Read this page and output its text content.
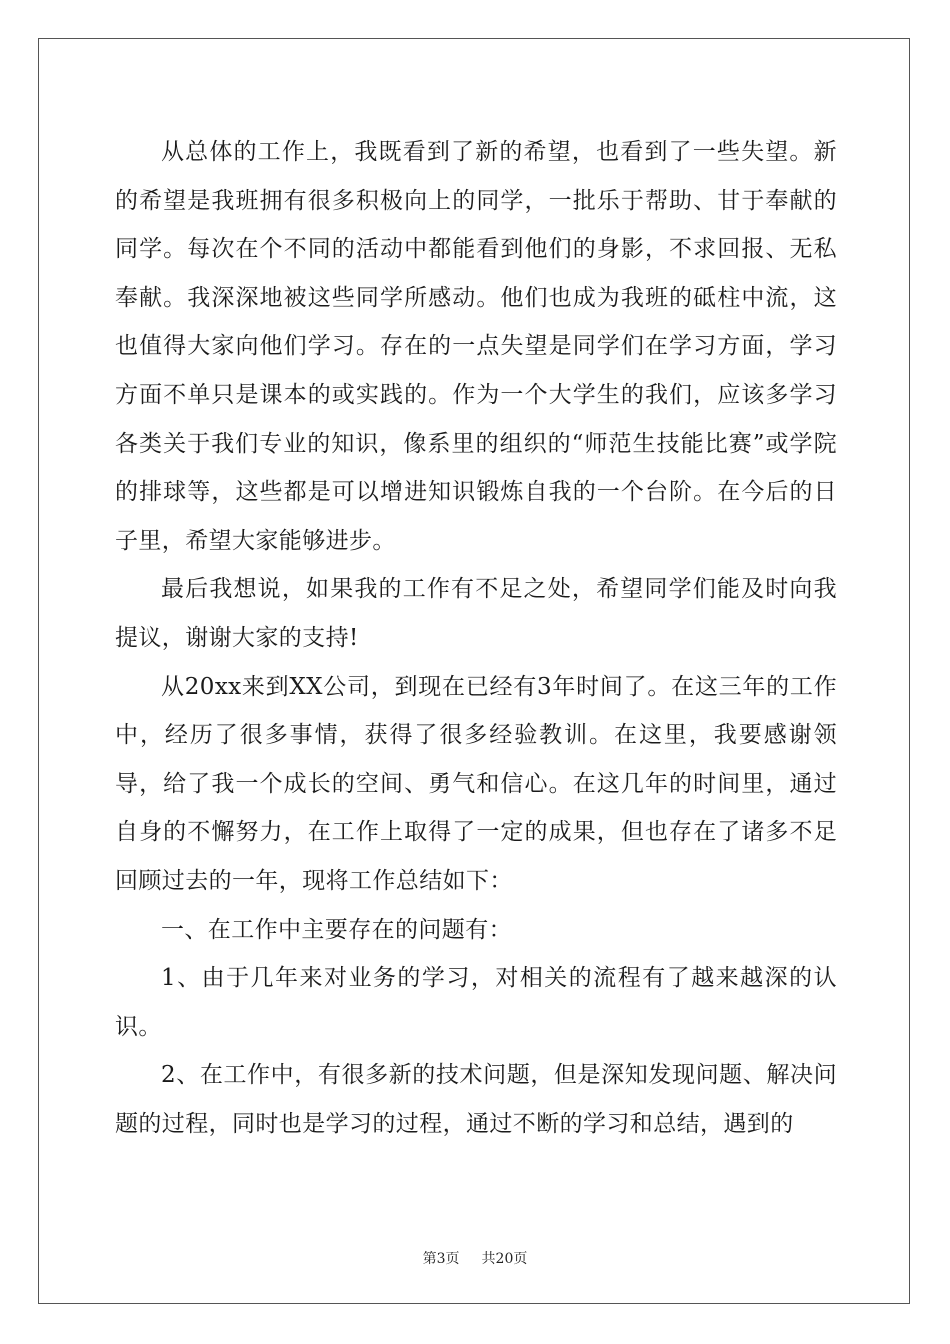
从总体的工作上，我既看到了新的希望，也看到了一些失望。新的希望是我班拥有很多积极向上的同学，一批乐于帮助、甘于奉献的同学。每次在个不同的活动中都能看到他们的身影，不求回报、无私奉献。我深深地被这些同学所感动。他们也成为我班的砥柱中流，这也值得大家向他们学习。存在的一点失望是同学们在学习方面，学习方面不单只是课本的或实践的。作为一个大学生的我们，应该多学习各类关于我们专业的知识，像系里的组织的“师范生技能比赛”或学院的排球等，这些都是可以增进知识锻炼自我的一个台阶。在今后的日子里，希望大家能够进步。

最后我想说，如果我的工作有不足之处，希望同学们能及时向我提议，谢谢大家的支持!

从20xx来到XX公司，到现在已经有3年时间了。在这三年的工作中，经历了很多事情，获得了很多经验教训。在这里，我要感谢领导，给了我一个成长的空间、勇气和信心。在这几年的时间里，通过自身的不懈努力，在工作上取得了一定的成果，但也存在了诸多不足回顾过去的一年，现将工作总结如下：

一、在工作中主要存在的问题有：

1、由于几年来对业务的学习，对相关的流程有了越来越深的认识。

2、在工作中，有很多新的技术问题，但是深知发现问题、解决问题的过程，同时也是学习的过程，通过不断的学习和总结，遇到的

第3页 共20页
